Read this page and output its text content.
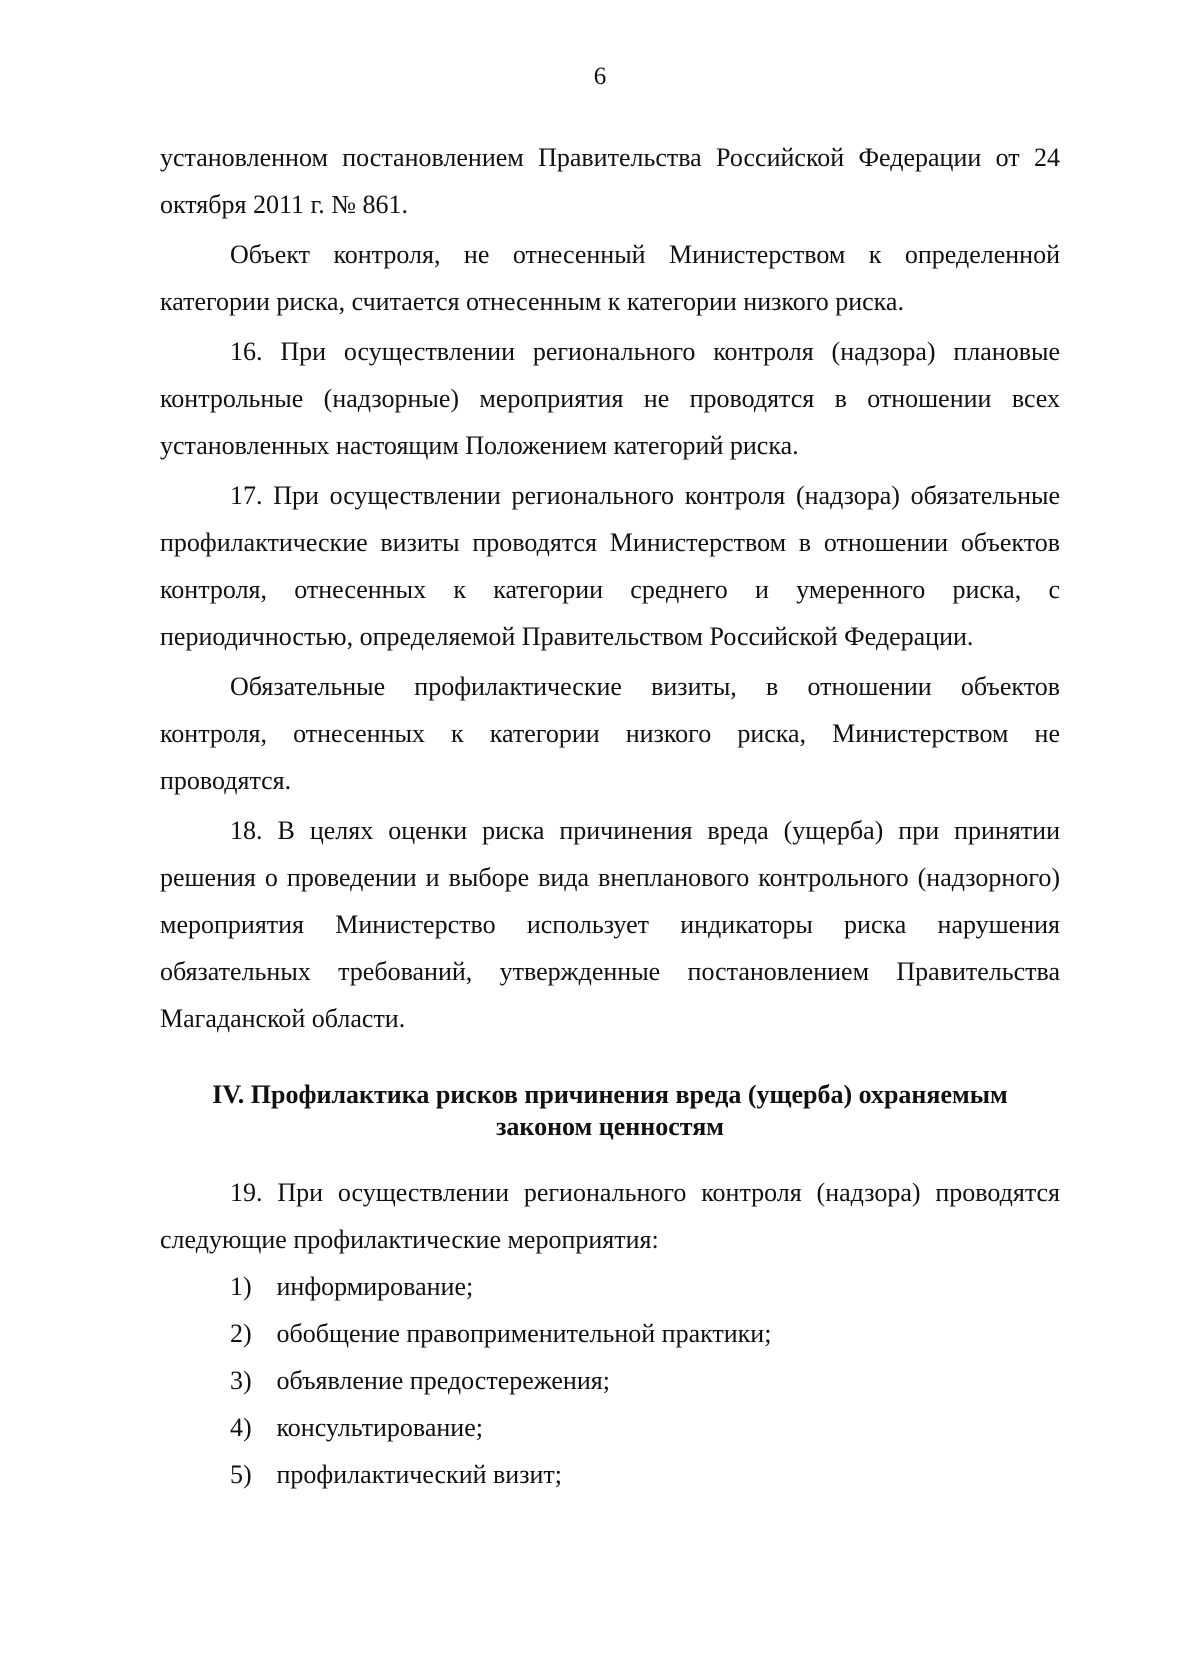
6

установленном постановлением Правительства Российской Федерации от 24 октября 2011 г. № 861.

Объект контроля, не отнесенный Министерством к определенной категории риска, считается отнесенным к категории низкого риска.

16. При осуществлении регионального контроля (надзора) плановые контрольные (надзорные) мероприятия не проводятся в отношении всех установленных настоящим Положением категорий риска.

17. При осуществлении регионального контроля (надзора) обязательные профилактические визиты проводятся Министерством в отношении объектов контроля, отнесенных к категории среднего и умеренного риска, с периодичностью, определяемой Правительством Российской Федерации.

Обязательные профилактические визиты, в отношении объектов контроля, отнесенных к категории низкого риска, Министерством не проводятся.

18. В целях оценки риска причинения вреда (ущерба) при принятии решения о проведении и выборе вида внепланового контрольного (надзорного) мероприятия Министерство использует индикаторы риска нарушения обязательных требований, утвержденные постановлением Правительства Магаданской области.

IV. Профилактика рисков причинения вреда (ущерба) охраняемым
законом ценностям

19. При осуществлении регионального контроля (надзора) проводятся следующие профилактические мероприятия:

1) информирование;
2) обобщение правоприменительной практики;
3) объявление предостережения;
4) консультирование;
5) профилактический визит;
